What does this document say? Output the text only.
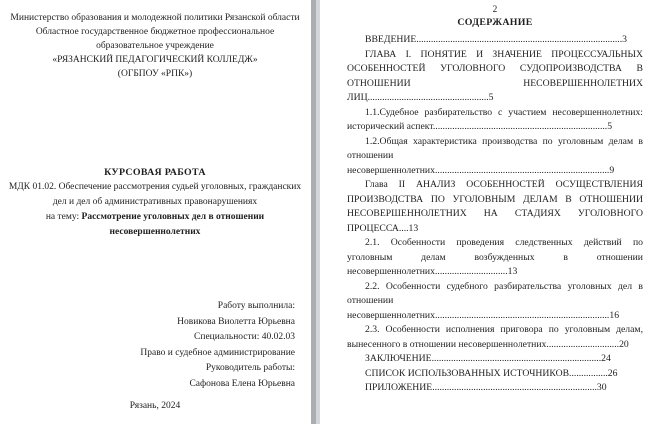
Министерство образования и молодежной политики Рязанской области
Областное государственное бюджетное профессиональное
образовательное учреждение
«РЯЗАНСКИЙ ПЕДАГОГИЧЕСКИЙ КОЛЛЕДЖ»
(ОГБПОУ «РПК»)
КУРСОВАЯ РАБОТА
МДК 01.02. Обеспечение рассмотрения судьей уголовных, гражданских
дел и дел об административных правонарушениях
на тему: Рассмотрение уголовных дел в отношении
несовершеннолетних
Работу выполнила:
Новикова Виолетта Юрьевна
Специальности: 40.02.03
Право и судебное администрирование
Руководитель работы:
Сафонова Елена Юрьевна
Рязань, 2024
2

СОДЕРЖАНИЕ

ВВЕДЕНИЕ.....................................................................................3

ГЛАВА I. ПОНЯТИЕ И ЗНАЧЕНИЕ ПРОЦЕССУАЛЬНЫХ ОСОБЕННОСТЕЙ УГОЛОВНОГО СУДОПРОИЗВОДСТВА В ОТНОШЕНИИ НЕСОВЕРШЕННОЛЕТНИХ ЛИЦ..................................................5

1.1.Судебное разбирательство с участием несовершеннолетних: исторический аспект........................................................................5

1.2.Общая характеристика производства по уголовным делам в отношении несовершеннолетних........................................................................9

Глава II АНАЛИЗ ОСОБЕННОСТЕЙ ОСУЩЕСТВЛЕНИЯ ПРОИЗВОДСТВА ПО УГОЛОВНЫМ ДЕЛАМ В ОТНОШЕНИИ НЕСОВЕРШЕННОЛЕТНИХ НА СТАДИЯХ УГОЛОВНОГО ПРОЦЕССА....13

2.1. Особенности проведения следственных действий по уголовным делам возбужденных в отношении несовершеннолетних..............................13

2.2. Особенности судебного разбирательства уголовных дел в отношении несовершеннолетних........................................................................16

2.3. Особенности исполнения приговора по уголовным делам, вынесенного в отношении несовершеннолетних..............................20

ЗАКЛЮЧЕНИЕ......................................................................24

СПИСОК ИСПОЛЬЗОВАННЫХ ИСТОЧНИКОВ................26

ПРИЛОЖЕНИЕ....................................................................30
